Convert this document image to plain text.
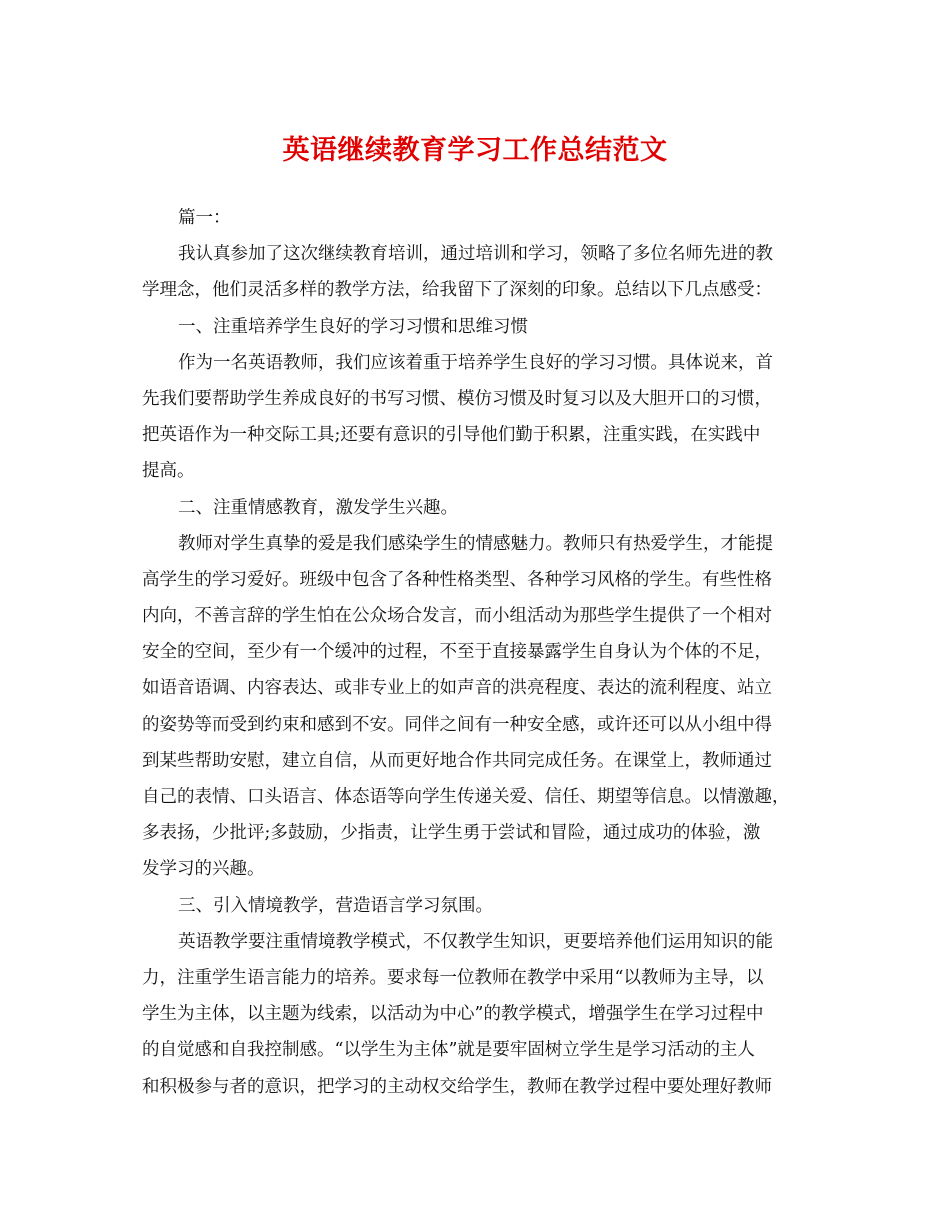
英语继续教育学习工作总结范文
篇一：
我认真参加了这次继续教育培训，通过培训和学习，领略了多位名师先进的教
学理念，他们灵活多样的教学方法，给我留下了深刻的印象。总结以下几点感受：
一、注重培养学生良好的学习习惯和思维习惯
作为一名英语教师，我们应该着重于培养学生良好的学习习惯。具体说来，首
先我们要帮助学生养成良好的书写习惯、模仿习惯及时复习以及大胆开口的习惯，
把英语作为一种交际工具;还要有意识的引导他们勤于积累，注重实践，在实践中
提高。
二、注重情感教育，激发学生兴趣。
教师对学生真挚的爱是我们感染学生的情感魅力。教师只有热爱学生，才能提
高学生的学习爱好。班级中包含了各种性格类型、各种学习风格的学生。有些性格
内向，不善言辞的学生怕在公众场合发言，而小组活动为那些学生提供了一个相对
安全的空间，至少有一个缓冲的过程，不至于直接暴露学生自身认为个体的不足，
如语音语调、内容表达、或非专业上的如声音的洪亮程度、表达的流利程度、站立
的姿势等而受到约束和感到不安。同伴之间有一种安全感，或许还可以从小组中得
到某些帮助安慰，建立自信，从而更好地合作共同完成任务。在课堂上，教师通过
自己的表情、口头语言、体态语等向学生传递关爱、信任、期望等信息。以情激趣，
多表扬，少批评;多鼓励，少指责，让学生勇于尝试和冒险，通过成功的体验，激
发学习的兴趣。
三、引入情境教学，营造语言学习氛围。
英语教学要注重情境教学模式，不仅教学生知识，更要培养他们运用知识的能
力，注重学生语言能力的培养。要求每一位教师在教学中采用“以教师为主导，以
学生为主体，以主题为线索，以活动为中心”的教学模式，增强学生在学习过程中
的自觉感和自我控制感。“以学生为主体”就是要牢固树立学生是学习活动的主人
和积极参与者的意识，把学习的主动权交给学生，教师在教学过程中要处理好教师
